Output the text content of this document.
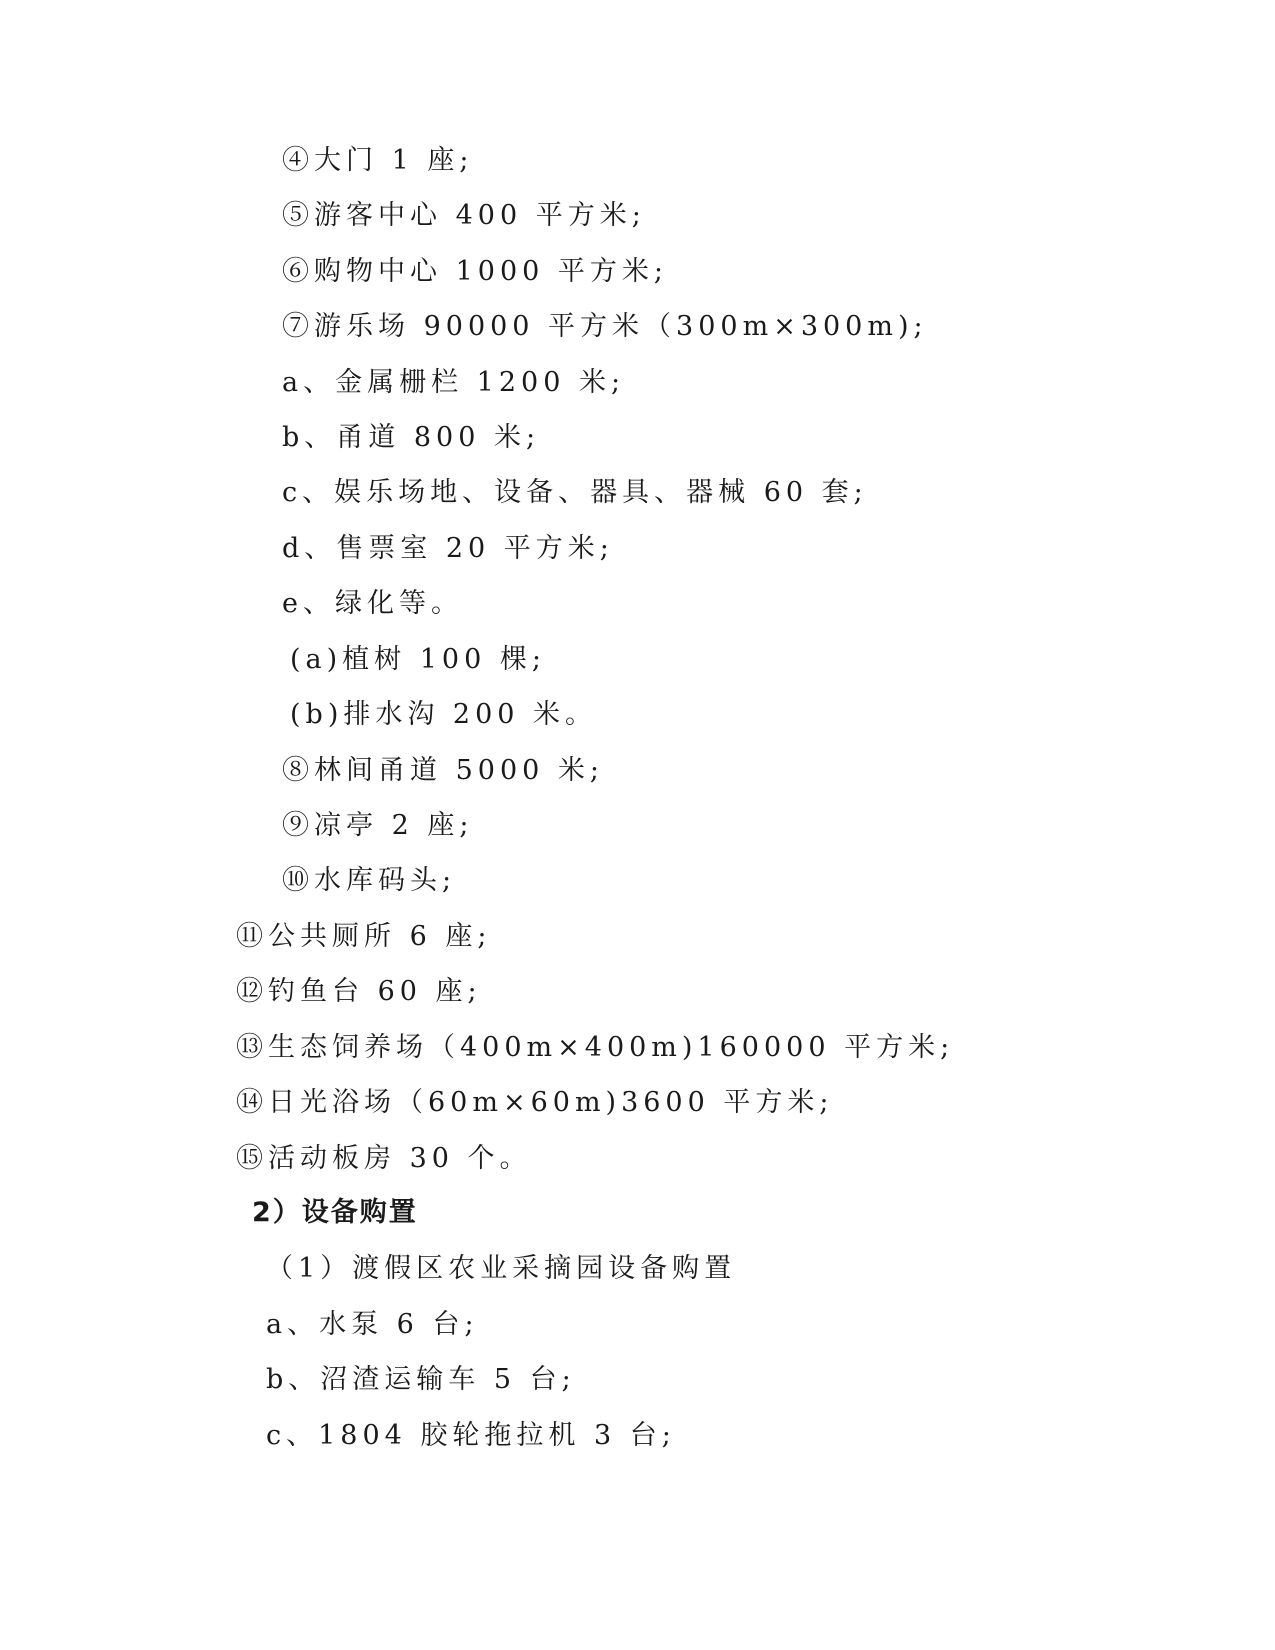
④大门 1 座;
⑤游客中心 400 平方米;
⑥购物中心 1000 平方米;
⑦游乐场 90000 平方米（300m×300m);
a、金属栅栏 1200 米;
b、甬道 800 米;
c、娱乐场地、设备、器具、器械 60 套;
d、售票室 20 平方米;
e、绿化等。
(a)植树 100 棵;
(b)排水沟 200 米。
⑧林间甬道 5000 米;
⑨凉亭 2 座;
⑩水库码头;
⑪公共厕所 6 座;
⑫钓鱼台 60 座;
⑬生态饲养场（400m×400m)160000 平方米;
⑭日光浴场（60m×60m)3600 平方米;
⑮活动板房 30 个。
2）设备购置
（1）渡假区农业采摘园设备购置
a、水泵 6 台;
b、沼渣运输车 5 台;
c、1804 胶轮拖拉机 3 台;
